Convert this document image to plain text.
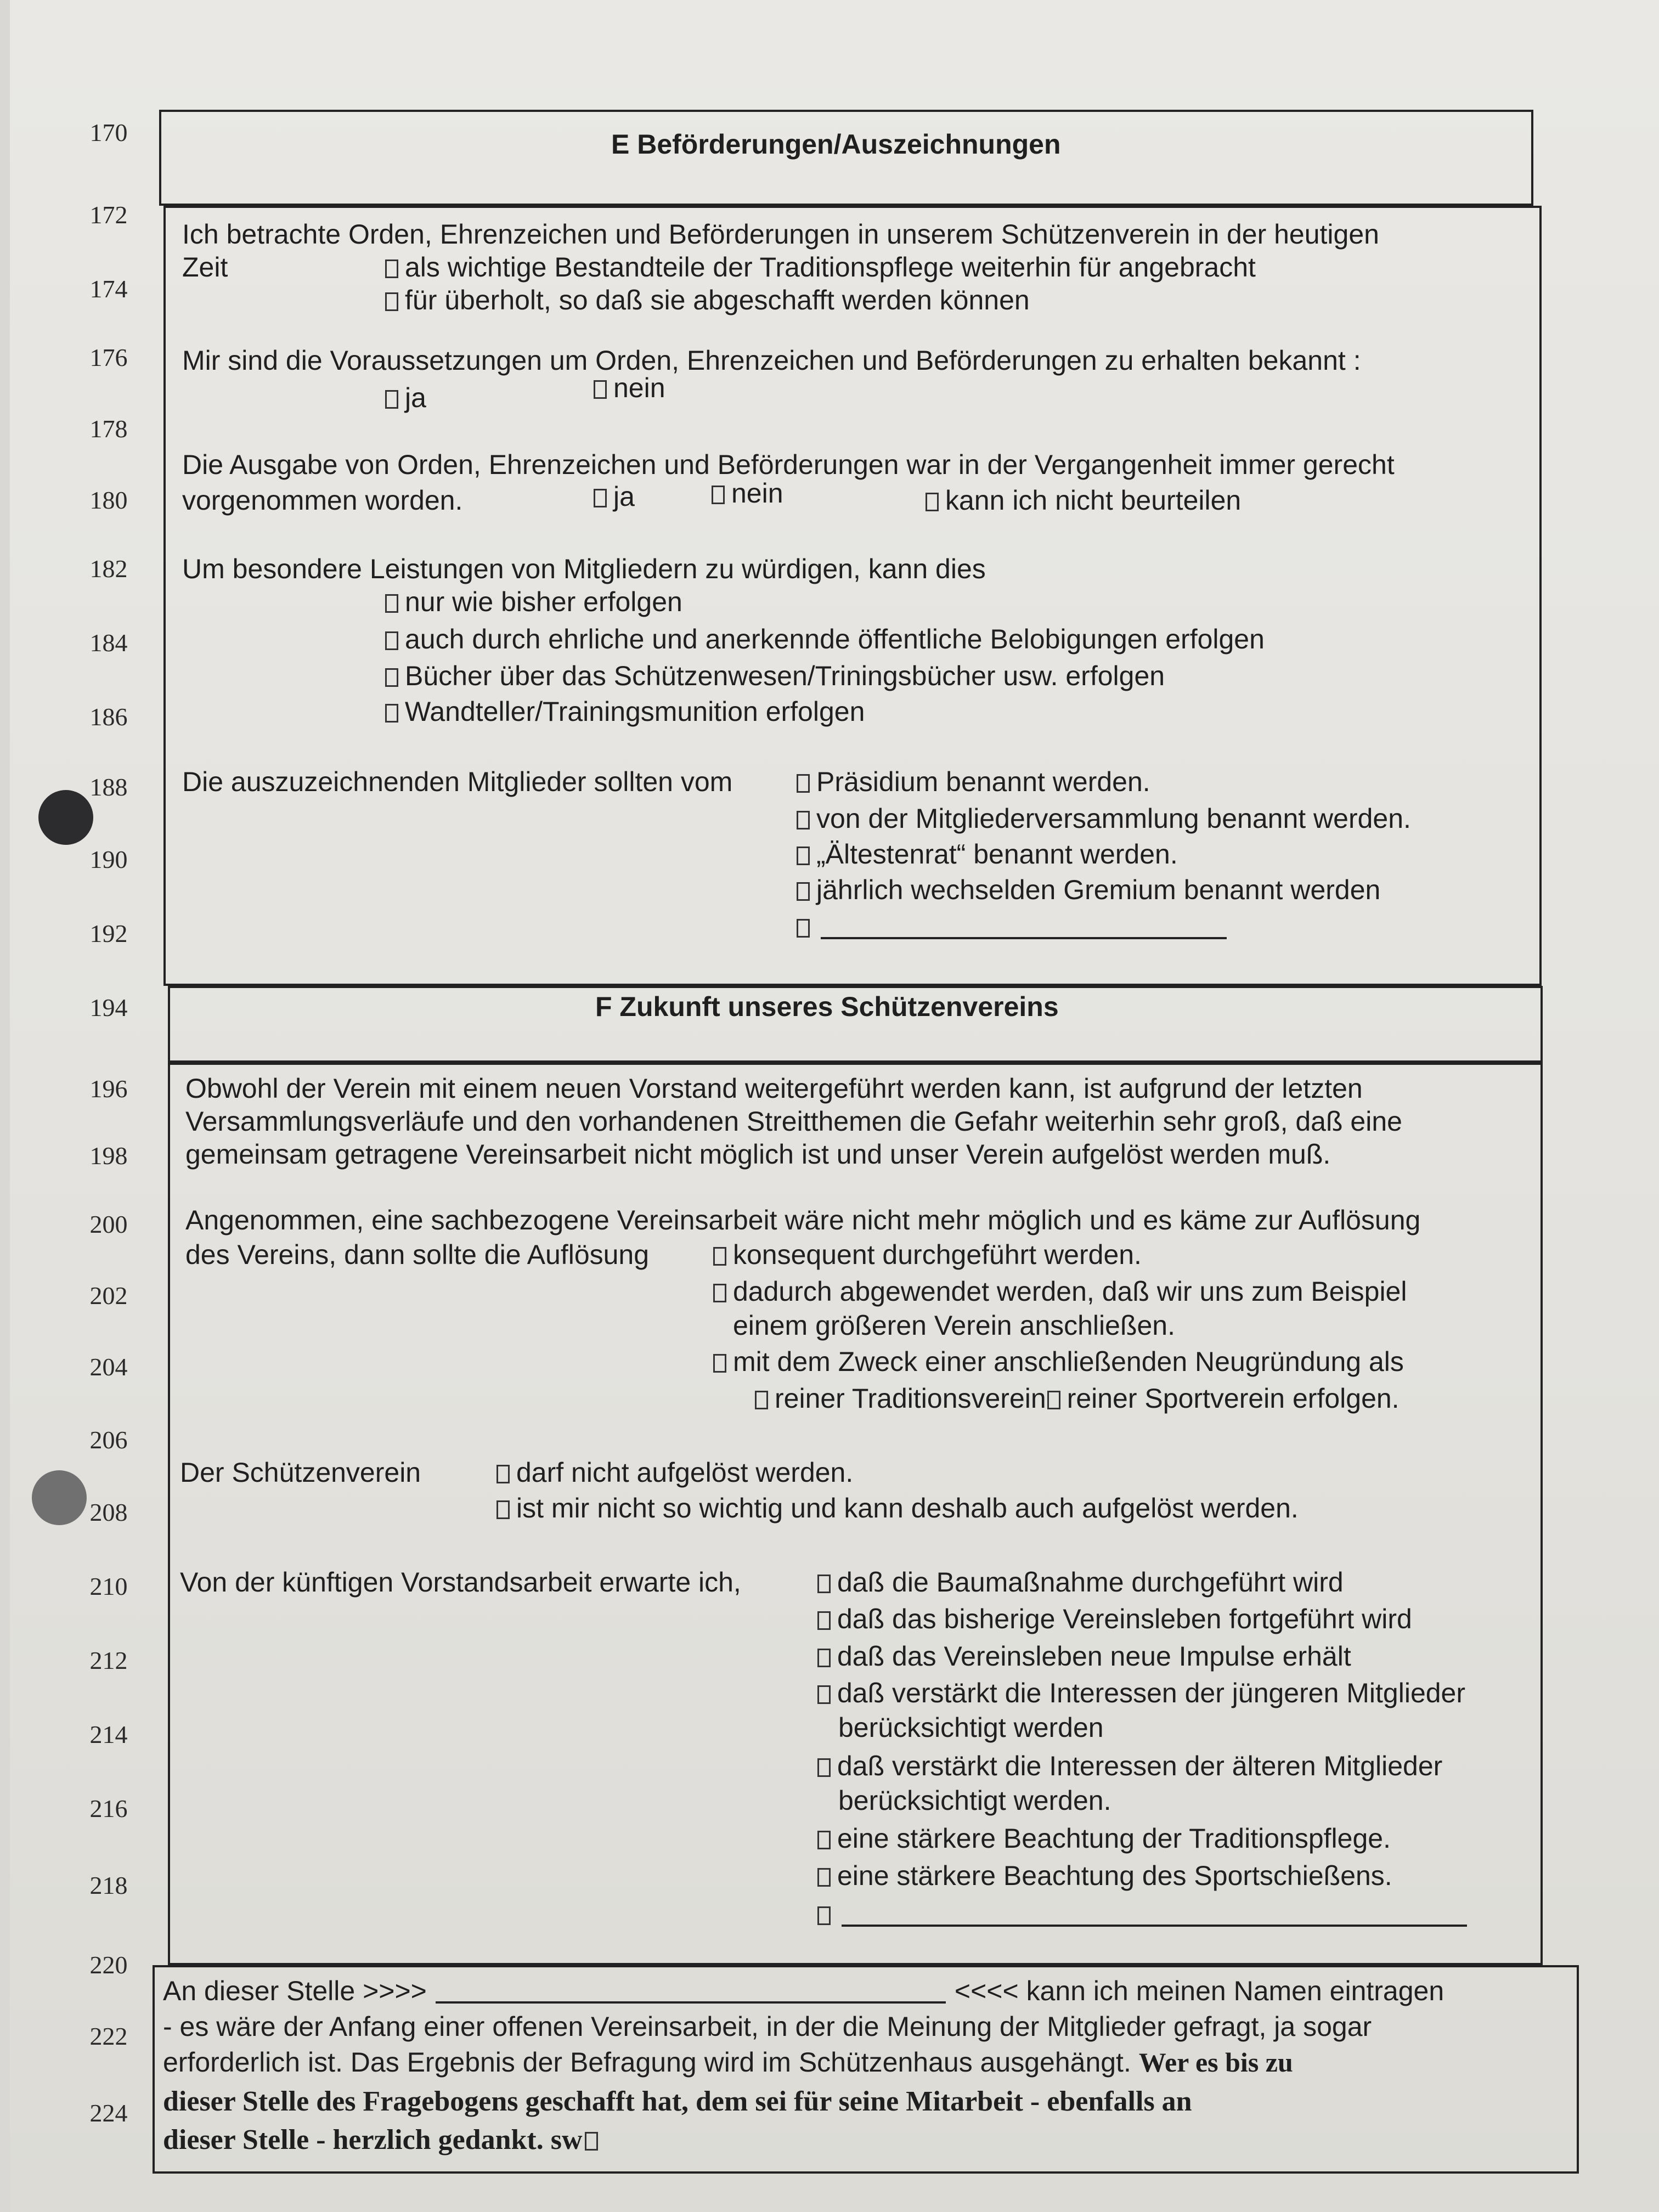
170
172
174
176
178
180
182
184
186
188
190
192
194
196
198
200
202
204
206
208
210
212
214
216
218
220
222
224
E Beförderungen/Auszeichnungen
Ich betrachte Orden, Ehrenzeichen und Beförderungen in unserem Schützenverein in der heutigen
Zeit	als wichtige Bestandteile der Traditionspflege weiterhin für angebracht
für überholt, so daß sie abgeschafft werden können
Mir sind die Voraussetzungen um Orden, Ehrenzeichen und Beförderungen zu erhalten bekannt :
ja	nein
Die Ausgabe von Orden, Ehrenzeichen und Beförderungen war in der Vergangenheit immer gerecht
vorgenommen worden.	ja	nein	kann ich nicht beurteilen
Um besondere Leistungen von Mitgliedern zu würdigen, kann dies
nur wie bisher erfolgen
auch durch ehrliche und anerkennde öffentliche Belobigungen erfolgen
Bücher über das Schützenwesen/Triningsbücher usw. erfolgen
Wandteller/Trainingsmunition erfolgen
Die auszuzeichnenden Mitglieder sollten vom	Präsidium benannt werden.
von der Mitgliederversammlung benannt werden.
„Ältestenrat“ benannt werden.
jährlich wechselden Gremium benannt werden
F Zukunft unseres Schützenvereins
Obwohl der Verein mit einem neuen Vorstand weitergeführt werden kann, ist aufgrund der letzten
Versammlungsverläufe und den vorhandenen Streitthemen die Gefahr weiterhin sehr groß, daß eine
gemeinsam getragene Vereinsarbeit nicht möglich ist und unser Verein aufgelöst werden muß.
Angenommen, eine sachbezogene Vereinsarbeit wäre nicht mehr möglich und es käme zur Auflösung
des Vereins, dann sollte die Auflösung	konsequent durchgeführt werden.
dadurch abgewendet werden, daß wir uns zum Beispiel
einem größeren Verein anschließen.
mit dem Zweck einer anschließenden Neugründung als
reiner Traditionsverein reiner Sportverein erfolgen.
Der Schützenverein	darf nicht aufgelöst werden.
ist mir nicht so wichtig und kann deshalb auch aufgelöst werden.
Von der künftigen Vorstandsarbeit erwarte ich,	daß die Baumaßnahme durchgeführt wird
daß das bisherige Vereinsleben fortgeführt wird
daß das Vereinsleben neue Impulse erhält
daß verstärkt die Interessen der jüngeren Mitglieder
berücksichtigt werden
daß verstärkt die Interessen der älteren Mitglieder
berücksichtigt werden.
eine stärkere Beachtung der Traditionspflege.
eine stärkere Beachtung des Sportschießens.
An dieser Stelle >>>>	<<<< kann ich meinen Namen eintragen
- es wäre der Anfang einer offenen Vereinsarbeit, in der die Meinung der Mitglieder gefragt, ja sogar
erforderlich ist. Das Ergebnis der Befragung wird im Schützenhaus ausgehängt. Wer es bis zu
dieser Stelle des Fragebogens geschafft hat, dem sei für seine Mitarbeit - ebenfalls an
dieser Stelle - herzlich gedankt. sw
